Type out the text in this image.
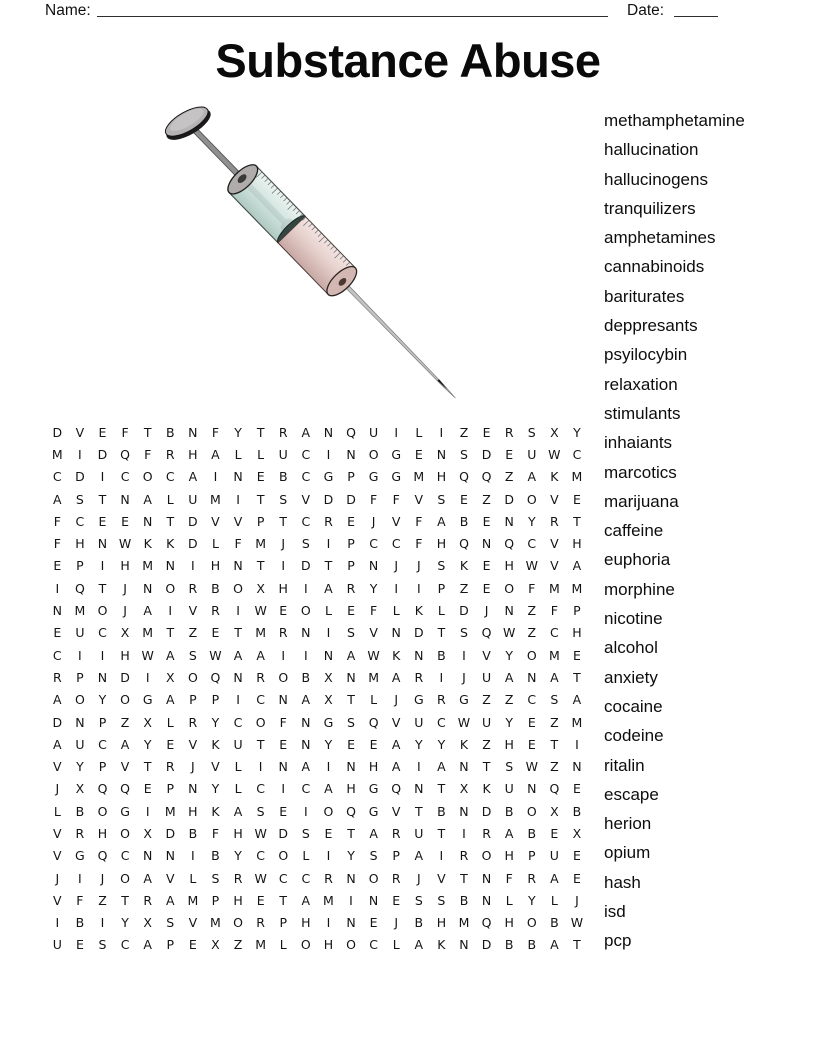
Name:	Date:
Substance Abuse
methamphetamine
hallucination
hallucinogens
tranquilizers
amphetamines
cannabinoids
bariturates
deppresants
psyilocybin
relaxation
stimulants
inhaiants
marcotics
marijuana
caffeine
euphoria
morphine
nicotine
alcohol
anxiety
cocaine
codeine
ritalin
escape
herion
opium
hash
isd
pcp
D	V	E	F	T	B	N	F	Y	T	R	A	N	Q	U	I	L	I	Z	E	R	S	X	Y
M	I	D	Q	F	R	H	A	L	L	U	C	I	N	O	G	E	N	S	D	E	U W C
C	D	I	C	O	C	A	I	N	E	B	C	G	P	G	G M	H	Q	Q	Z	A	K	M
A	S	T	N	A	L	U	M	I	T	S	V	D	D	F	F	V	S	E	Z	D	O	V	E
F	C	E	E	N	T	D	V	V	P	T	C	R	E	J	V	F	A	B	E	N	Y	R	T
F	H	N W K	K	D	L	F	M	J	S	I	P	C	C	F	H	Q	N	Q	C	V	H
E	P	I	H M	N	I	H	N	T	I	D	T	P	N	J	J	S	K	E	H W V	A
I	Q	T	J	N	O	R	B	O	X	H	I	A	R	Y	I	I	P	Z	E	O	F	M M
N	M O	J	A	I	V	R	I	W E	O	L	E	F	L	K	L	D	J	N	Z	F	P
E	U	C	X	M	T	Z	E	T	M	R	N	I	S	V	N	D	T	S	Q W Z	C	H
C	I	I	H W A	S W A	A	I	I	N	A W K	N	B	I	V	Y	O M	E
R	P	N	D	I	X	O	Q	N	R	O	B	X	N	M	A	R	I	J	U	A	N	A	T
A	O	Y	O	G	A	P	P	I	C	N	A	X	T	L	J	G	R	G	Z	Z	C	S	A
D	N	P	Z	X	L	R	Y	C	O	F	N	G	S	Q	V	U	C W U	Y	E	Z	M
A	U	C	A	Y	E	V	K	U	T	E	N	Y	E	E	A	Y	Y	K	Z	H	E	T	I
V	Y	P	V	T	R	J	V	L	I	N	A	I	N	H	A	I	A	N	T	S W Z	N
J	X	Q	Q	E	P	N	Y	L	C	I	C	A	H	G	Q	N	T	X	K	U	N	Q	E
L	B	O	G	I	M	H	K	A	S	E	I	O	Q	G	V	T	B	N	D	B	O	X	B
V	R	H	O	X	D	B	F	H W D	S	E	T	A	R	U	T	I	R	A	B	E	X
V	G	Q	C	N	N	I	B	Y	C	O	L	I	Y	S	P	A	I	R	O	H	P	U	E
J	I	J	O	A	V	L	S	R W C	C	R	N	O	R	J	V	T	N	F	R	A	E
V	F	Z	T	R	A	M	P	H	E	T	A	M	I	N	E	S	S	B	N	L	Y	L	J
I	B	I	Y	X	S	V	M O	R	P	H	I	N	E	J	B	H M Q	H	O	B W
U	E	S	C	A	P	E	X	Z	M	L	O	H	O	C	L	A	K	N	D	B	B	A	T
